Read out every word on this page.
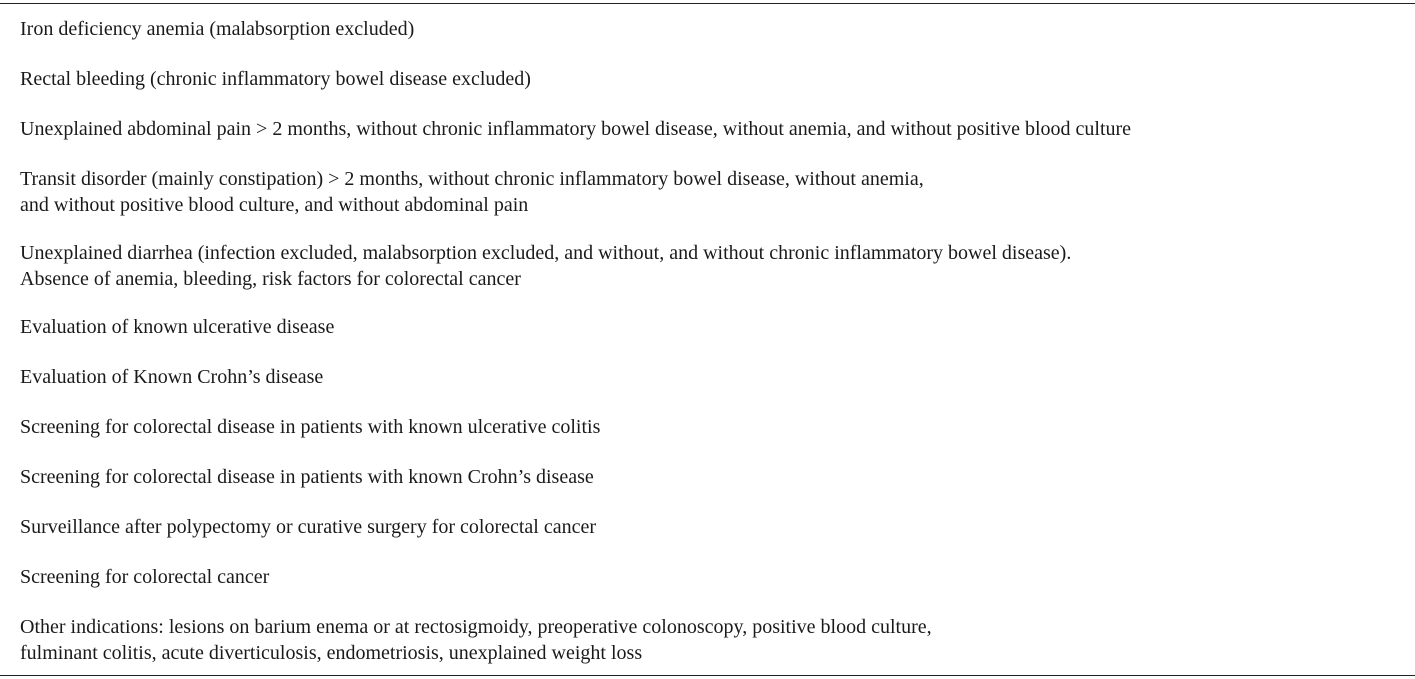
Iron deficiency anemia (malabsorption excluded)
Rectal bleeding (chronic inflammatory bowel disease excluded)
Unexplained abdominal pain > 2 months, without chronic inflammatory bowel disease, without anemia, and without positive blood culture
Transit disorder (mainly constipation) > 2 months, without chronic inflammatory bowel disease, without anemia,
and without positive blood culture, and without abdominal pain
Unexplained diarrhea (infection excluded, malabsorption excluded, and without, and without chronic inflammatory bowel disease).
Absence of anemia, bleeding, risk factors for colorectal cancer
Evaluation of known ulcerative disease
Evaluation of Known Crohn’s disease
Screening for colorectal disease in patients with known ulcerative colitis
Screening for colorectal disease in patients with known Crohn’s disease
Surveillance after polypectomy or curative surgery for colorectal cancer
Screening for colorectal cancer
Other indications: lesions on barium enema or at rectosigmoidy, preoperative colonoscopy, positive blood culture,
fulminant colitis, acute diverticulosis, endometriosis, unexplained weight loss
